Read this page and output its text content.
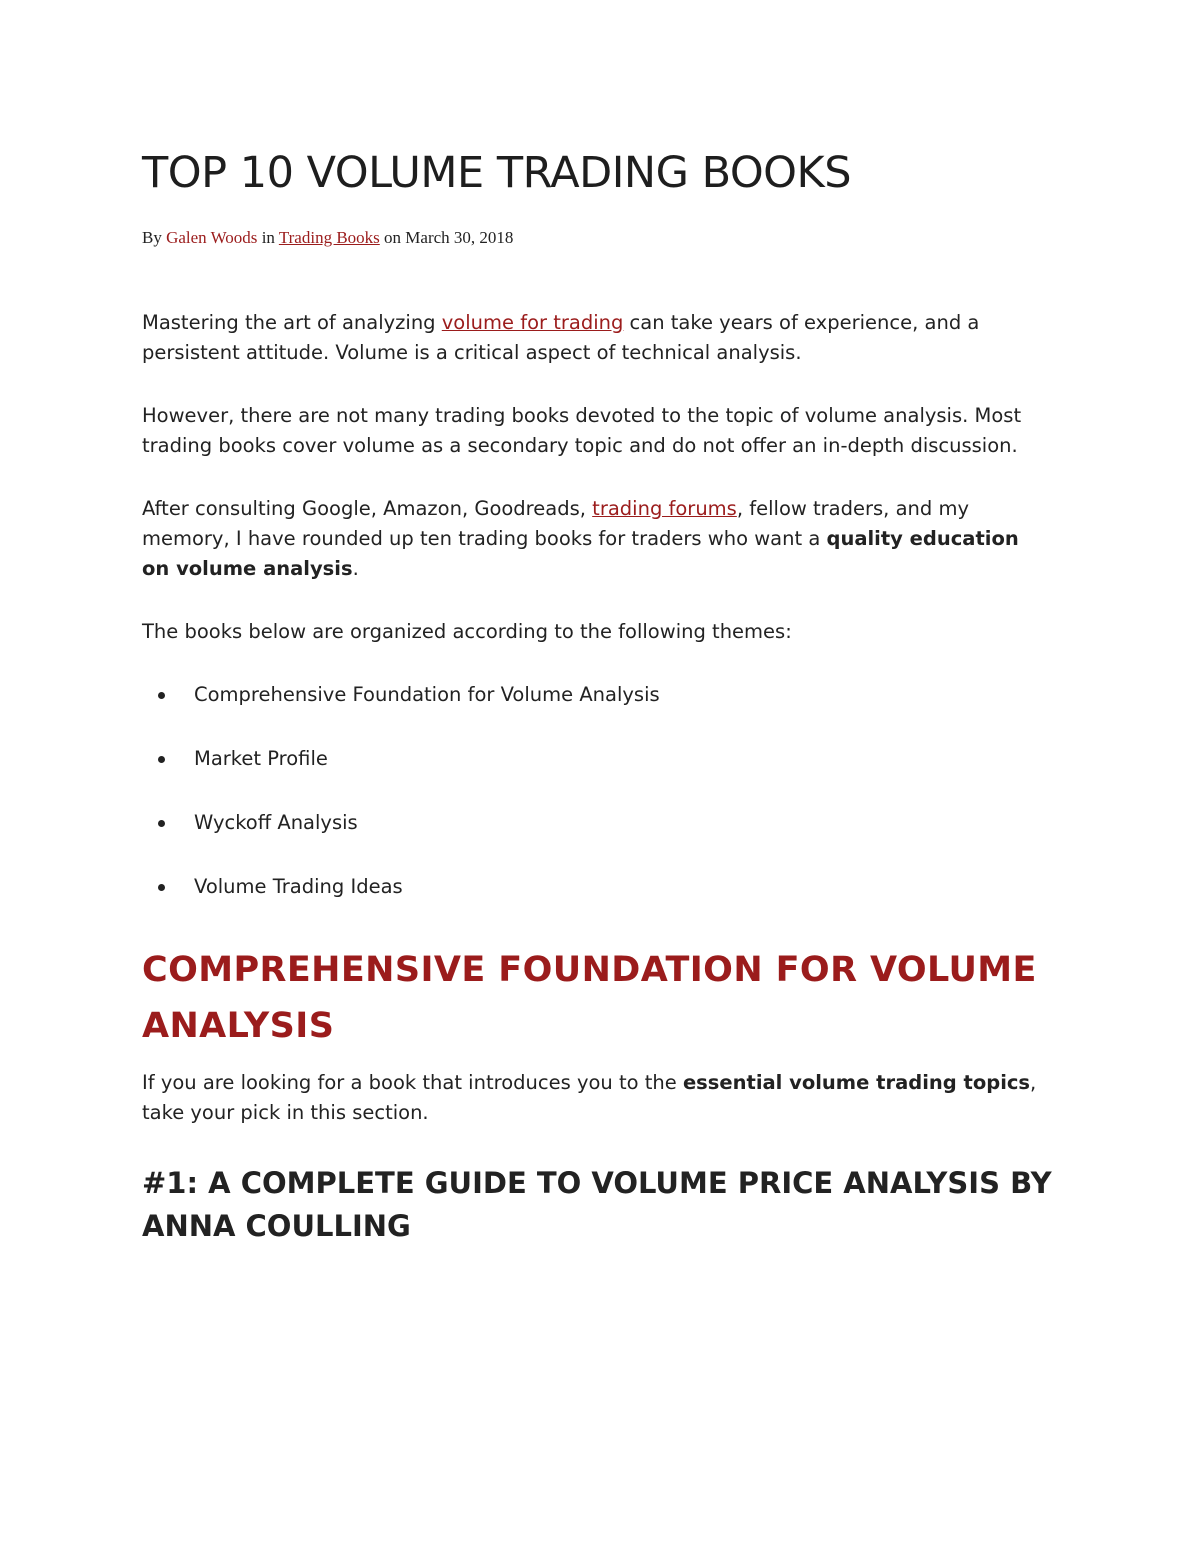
TOP 10 VOLUME TRADING BOOKS
By Galen Woods in Trading Books on March 30, 2018

Mastering the art of analyzing volume for trading can take years of experience, and a persistent attitude. Volume is a critical aspect of technical analysis.

However, there are not many trading books devoted to the topic of volume analysis. Most trading books cover volume as a secondary topic and do not offer an in-depth discussion.

After consulting Google, Amazon, Goodreads, trading forums, fellow traders, and my memory, I have rounded up ten trading books for traders who want a quality education on volume analysis.

The books below are organized according to the following themes:

Comprehensive Foundation for Volume Analysis
Market Profile
Wyckoff Analysis
Volume Trading Ideas
COMPREHENSIVE FOUNDATION FOR VOLUME ANALYSIS

If you are looking for a book that introduces you to the essential volume trading topics, take your pick in this section.

#1: A COMPLETE GUIDE TO VOLUME PRICE ANALYSIS BY ANNA COULLING
